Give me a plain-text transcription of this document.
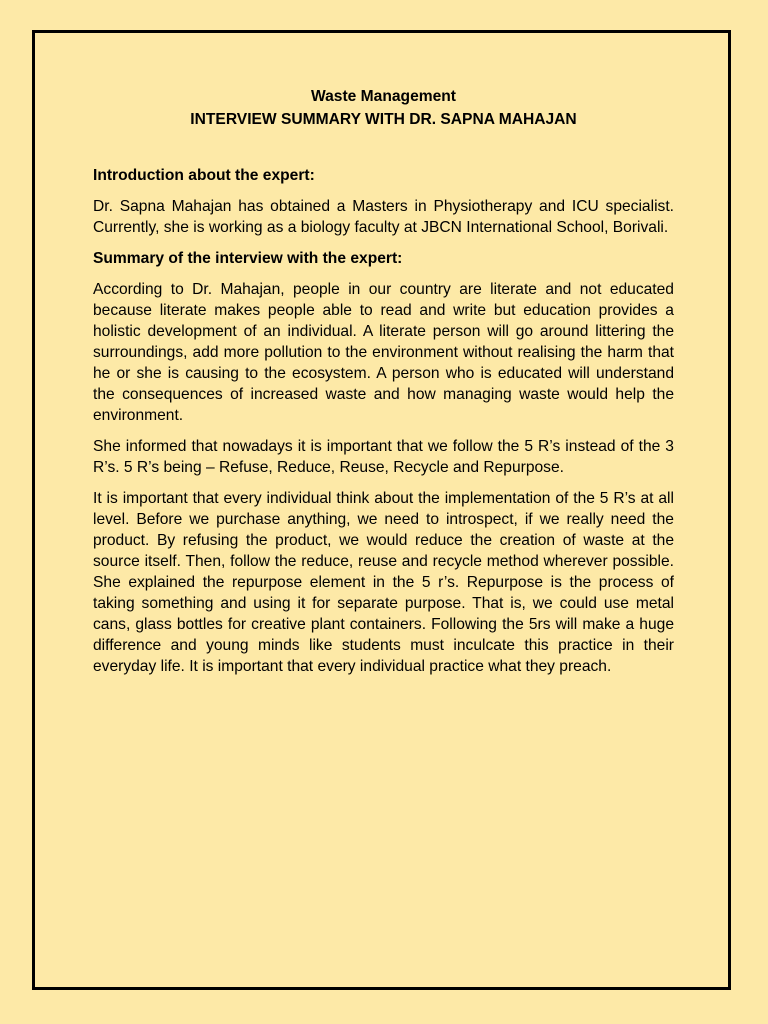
Waste Management

INTERVIEW SUMMARY WITH DR. SAPNA MAHAJAN

Introduction about the expert:

Dr. Sapna Mahajan has obtained a Masters in Physiotherapy and ICU specialist. Currently, she is working as a biology faculty at JBCN International School, Borivali.

Summary of the interview with the expert:

According to Dr. Mahajan, people in our country are literate and not educated because literate makes people able to read and write but education provides a holistic development of an individual. A literate person will go around littering the surroundings, add more pollution to the environment without realising the harm that he or she is causing to the ecosystem. A person who is educated will understand the consequences of increased waste and how managing waste would help the environment.

She informed that nowadays it is important that we follow the 5 R’s instead of the 3 R’s. 5 R’s being – Refuse, Reduce, Reuse, Recycle and Repurpose.

It is important that every individual think about the implementation of the 5 R’s at all level. Before we purchase anything, we need to introspect, if we really need the product. By refusing the product, we would reduce the creation of waste at the source itself. Then, follow the reduce, reuse and recycle method wherever possible. She explained the repurpose element in the 5 r’s. Repurpose is the process of taking something and using it for separate purpose. That is, we could use metal cans, glass bottles for creative plant containers. Following the 5rs will make a huge difference and young minds like students must inculcate this practice in their everyday life. It is important that every individual practice what they preach.
